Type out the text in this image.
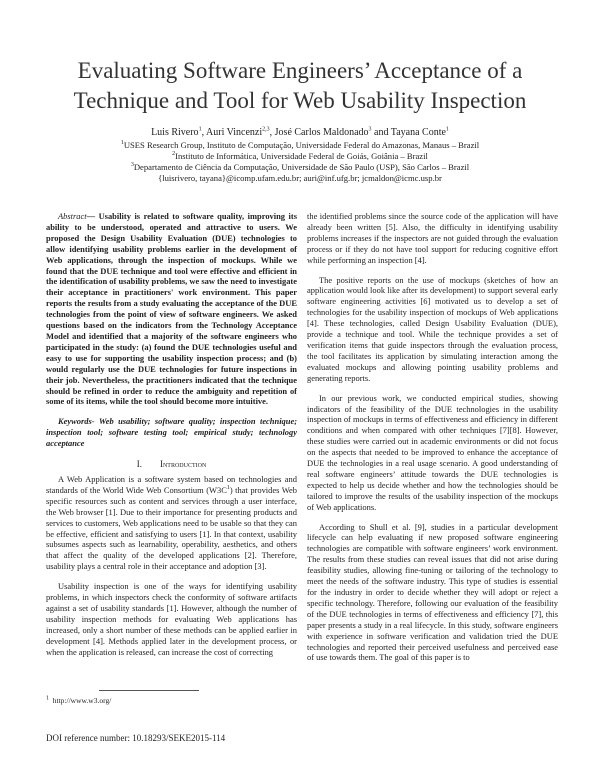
Evaluating Software Engineers’ Acceptance of a
Technique and Tool for Web Usability Inspection
Luis Rivero$^1$, Auri Vincenzi$^{2,3}$, José Carlos Maldonado$^3$ and Tayana Conte$^1$
$^1$USES Research Group, Instituto de Computação, Universidade Federal do Amazonas, Manaus – Brazil
$^2$Instituto de Informática, Universidade Federal de Goiás, Goiânia – Brazil
$^3$Departamento de Ciência da Computação, Universidade de São Paulo (USP), São Carlos – Brazil
{luisrivero, tayana}@icomp.ufam.edu.br; auri@inf.ufg.br; jcmaldon@icmc.usp.br

Abstract— Usability is related to software quality, improving its ability to be understood, operated and attractive to users. We proposed the Design Usability Evaluation (DUE) technologies to allow identifying usability problems earlier in the development of Web applications, through the inspection of mockups. While we found that the DUE technique and tool were effective and efficient in the identification of usability problems, we saw the need to investigate their acceptance in practitioners' work environment. This paper reports the results from a study evaluating the acceptance of the DUE technologies from the point of view of software engineers. We asked questions based on the indicators from the Technology Acceptance Model and identified that a majority of the software engineers who participated in the study: (a) found the DUE technologies useful and easy to use for supporting the usability inspection process; and (b) would regularly use the DUE technologies for future inspections in their job. Nevertheless, the practitioners indicated that the technique should be refined in order to reduce the ambiguity and repetition of some of its items, while the tool should become more intuitive.

Keywords- Web usability; software quality; inspection technique; inspection tool; software testing tool; empirical study; technology acceptance

I. Introduction

A Web Application is a software system based on technologies and standards of the World Wide Web Consortium $(W3C^1)$ that provides Web specific resources such as content and services through a user interface, the Web browser [1]. Due to their importance for presenting products and services to customers, Web applications need to be usable so that they can be effective, efficient and satisfying to users [1]. In that context, usability subsumes aspects such as learnability, operability, aesthetics, and others that affect the quality of the developed applications [2]. Therefore, usability plays a central role in their acceptance and adoption [3].

Usability inspection is one of the ways for identifying usability problems, in which inspectors check the conformity of software artifacts against a set of usability standards [1]. However, although the number of usability inspection methods for evaluating Web applications has increased, only a short number of these methods can be applied earlier in development [4]. Methods applied later in the development process, or when the application is released, can increase the cost of correcting

$^1$ http://www.w3.org/
DOI reference number: 10.18293/SEKE2015-114

the identified problems since the source code of the application will have already been written [5]. Also, the difficulty in identifying usability problems increases if the inspectors are not guided through the evaluation process or if they do not have tool support for reducing cognitive effort while performing an inspection [4].

The positive reports on the use of mockups (sketches of how an application would look like after its development) to support several early software engineering activities [6] motivated us to develop a set of technologies for the usability inspection of mockups of Web applications [4]. These technologies, called Design Usability Evaluation (DUE), provide a technique and tool. While the technique provides a set of verification items that guide inspectors through the evaluation process, the tool facilitates its application by simulating interaction among the evaluated mockups and allowing pointing usability problems and generating reports.

In our previous work, we conducted empirical studies, showing indicators of the feasibility of the DUE technologies in the usability inspection of mockups in terms of effectiveness and efficiency in different conditions and when compared with other techniques [7][8]. However, these studies were carried out in academic environments or did not focus on the aspects that needed to be improved to enhance the acceptance of DUE the technologies in a real usage scenario. A good understanding of real software engineers’ attitude towards the DUE technologies is expected to help us decide whether and how the technologies should be tailored to improve the results of the usability inspection of the mockups of Web applications.

According to Shull et al. [9], studies in a particular development lifecycle can help evaluating if new proposed software engineering technologies are compatible with software engineers’ work environment. The results from these studies can reveal issues that did not arise during feasibility studies, allowing fine-tuning or tailoring of the technology to meet the needs of the software industry. This type of studies is essential for the industry in order to decide whether they will adopt or reject a specific technology. Therefore, following our evaluation of the feasibility of the DUE technologies in terms of effectiveness and efficiency [7], this paper presents a study in a real lifecycle. In this study, software engineers with experience in software verification and validation tried the DUE technologies and reported their perceived usefulness and perceived ease of use towards them. The goal of this paper is to
